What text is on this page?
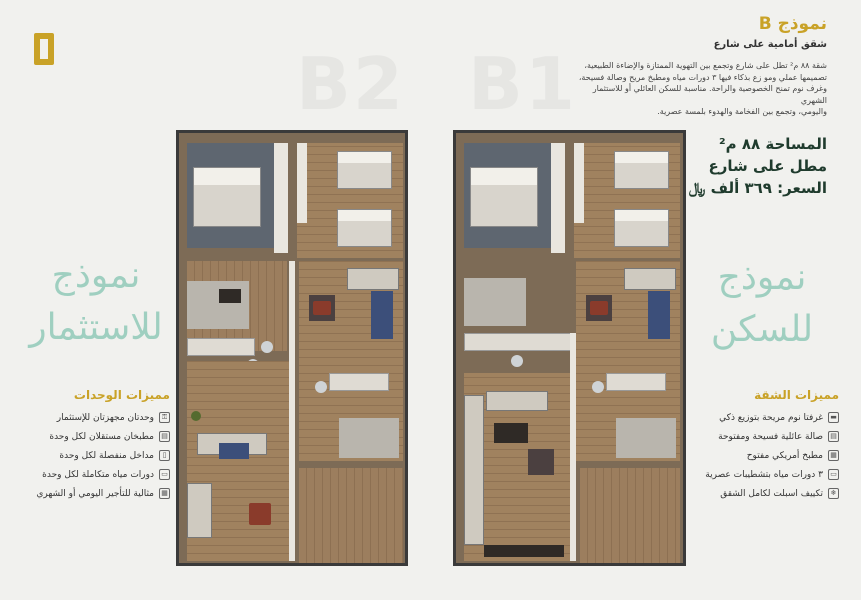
B2 B1
نموذج B
شقق أمامية على شارع
شقة ٨٨ م² تطل على شارع وتجمع بين التهوية الممتازة والإضاءة الطبيعية،
تصميمها عملي ومو زع بذكاء فيها ٣ دورات مياه ومطبخ مريح وصالة فسيحة،
وغرف نوم تمنح الخصوصية والراحة. مناسبة للسكن العائلي أو للاستثمار الشهري
واليومي، وتجمع بين الفخامة والهدوء بلمسة عصرية.
المساحة ٨٨ م²
مطل على شارع
السعر: ٣٦٩ ألف ﷼
نموذج
للاستثمار
نموذج
للسكن
مميزات الوحدات
⚿
وحدتان مجهزتان للإستثمار
▤
مطبخان مستقلان لكل وحدة
▯
مداخل منفصلة لكل وحدة
▭
دورات مياه متكاملة لكل وحدة
▦
مثالية للتأجير اليومي أو الشهري
مميزات الشقة
▬
غرفتا نوم مريحة بتوزيع ذكي
▤
صالة عائلية فسيحة ومفتوحة
▦
مطبخ أمريكي مفتوح
▭
٣ دورات مياه بتشطيبات عصرية
❄
تكييف اسبلت لكامل الشقق
